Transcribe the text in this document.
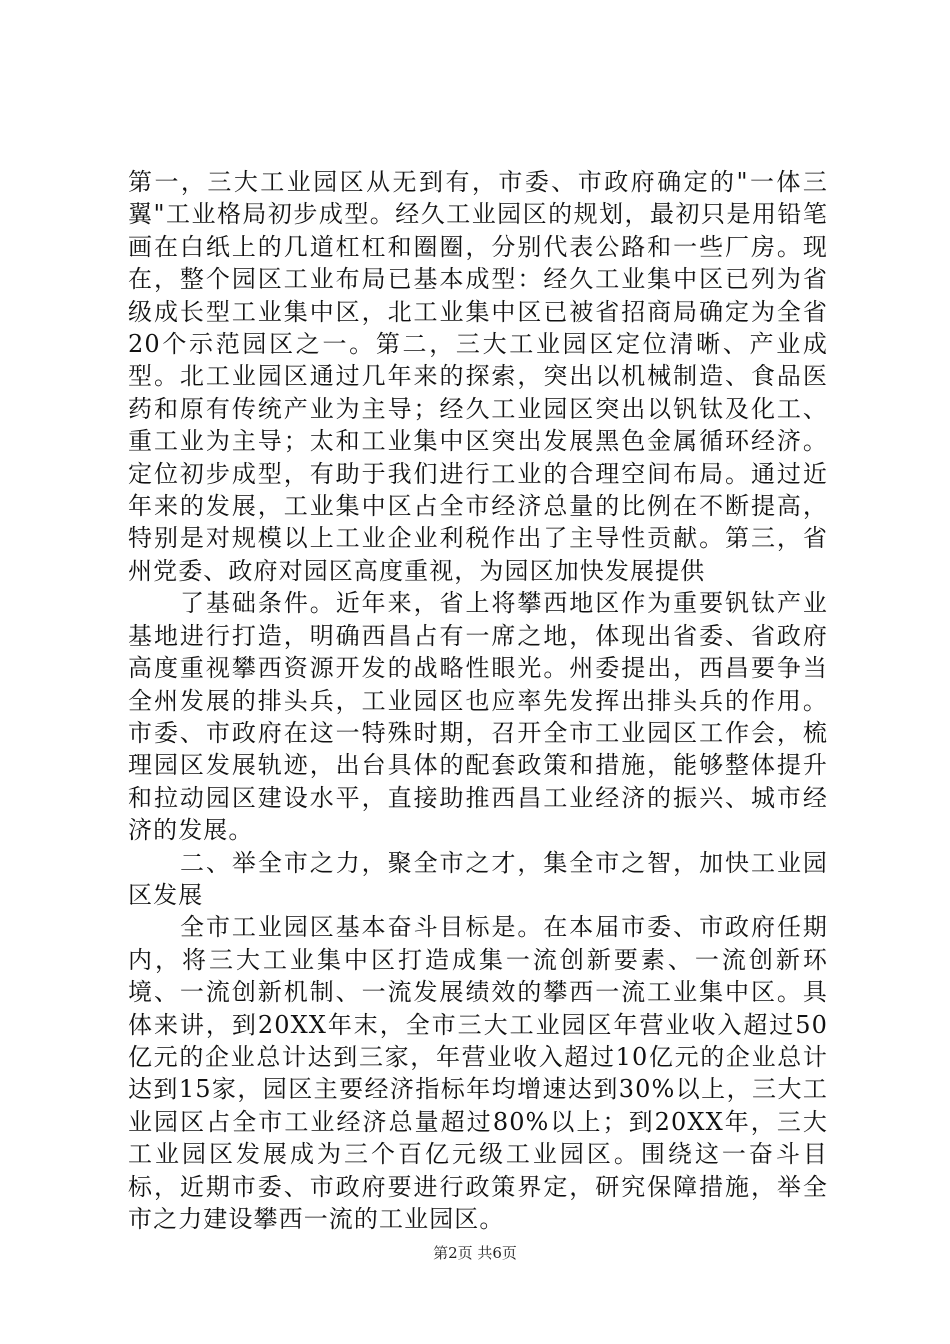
第一，三大工业园区从无到有，市委、市政府确定的"一体三翼"工业格局初步成型。经久工业园区的规划，最初只是用铅笔画在白纸上的几道杠杠和圈圈，分别代表公路和一些厂房。现在，整个园区工业布局已基本成型：经久工业集中区已列为省级成长型工业集中区，北工业集中区已被省招商局确定为全省20个示范园区之一。第二，三大工业园区定位清晰、产业成型。北工业园区通过几年来的探索，突出以机械制造、食品医药和原有传统产业为主导；经久工业园区突出以钒钛及化工、重工业为主导；太和工业集中区突出发展黑色金属循环经济。定位初步成型，有助于我们进行工业的合理空间布局。通过近年来的发展，工业集中区占全市经济总量的比例在不断提高，特别是对规模以上工业企业利税作出了主导性贡献。第三，省州党委、政府对园区高度重视，为园区加快发展提供

了基础条件。近年来，省上将攀西地区作为重要钒钛产业基地进行打造，明确西昌占有一席之地，体现出省委、省政府高度重视攀西资源开发的战略性眼光。州委提出，西昌要争当全州发展的排头兵，工业园区也应率先发挥出排头兵的作用。市委、市政府在这一特殊时期，召开全市工业园区工作会，梳理园区发展轨迹，出台具体的配套政策和措施，能够整体提升和拉动园区建设水平，直接助推西昌工业经济的振兴、城市经济的发展。

二、举全市之力，聚全市之才，集全市之智，加快工业园区发展

全市工业园区基本奋斗目标是。在本届市委、市政府任期内，将三大工业集中区打造成集一流创新要素、一流创新环境、一流创新机制、一流发展绩效的攀西一流工业集中区。具体来讲，到20XX年末，全市三大工业园区年营业收入超过50亿元的企业总计达到三家，年营业收入超过10亿元的企业总计达到15家，园区主要经济指标年均增速达到30%以上，三大工业园区占全市工业经济总量超过80%以上；到20XX年，三大工业园区发展成为三个百亿元级工业园区。围绕这一奋斗目标，近期市委、市政府要进行政策界定，研究保障措施，举全市之力建设攀西一流的工业园区。

第2页 共6页
